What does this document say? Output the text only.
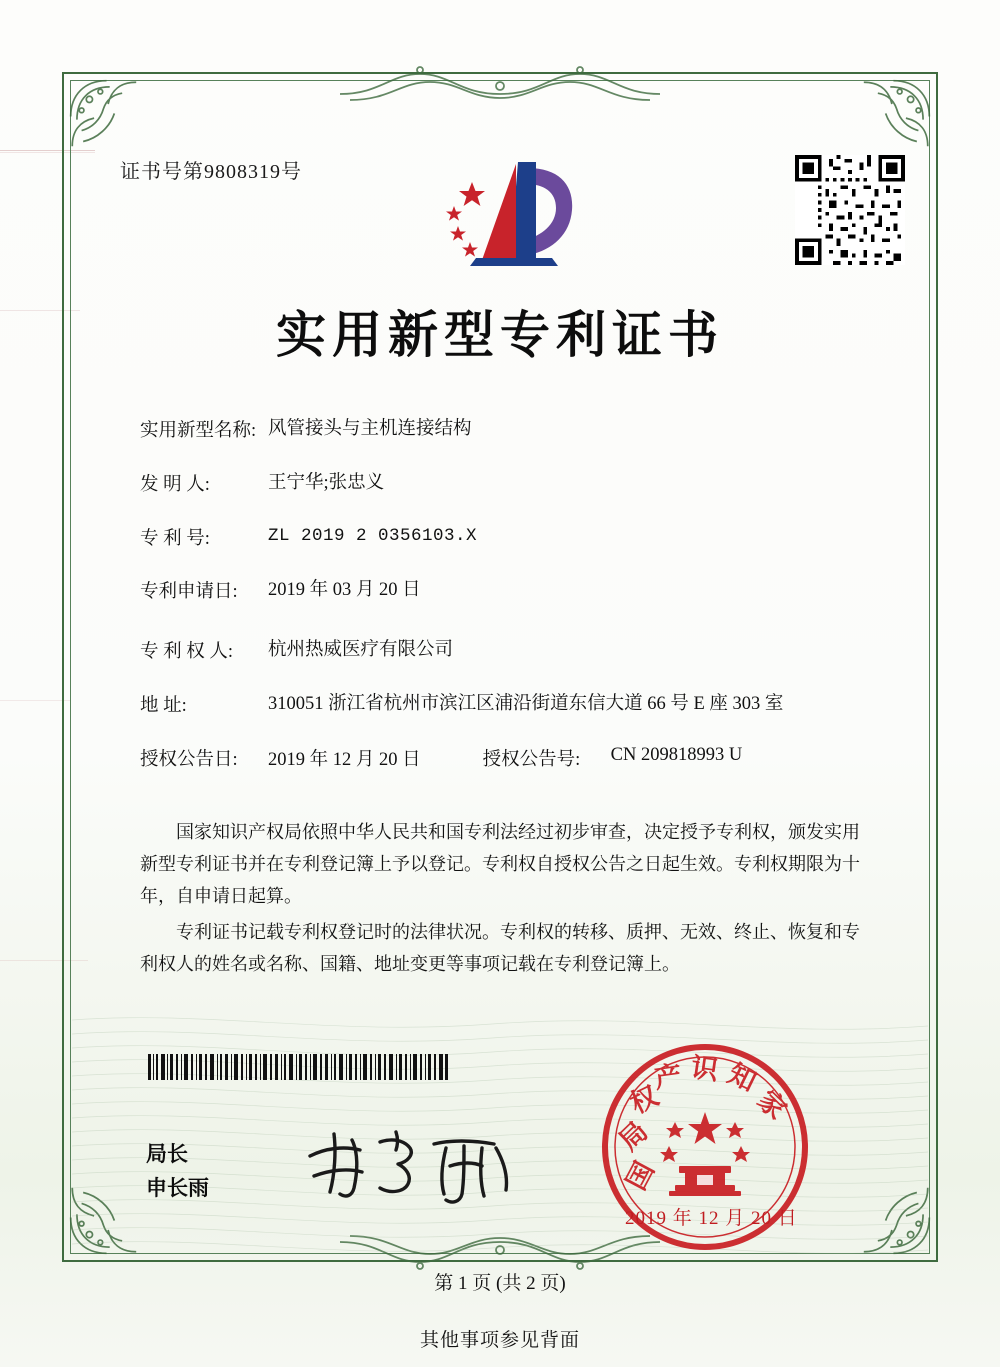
证书号第9808319号
实用新型专利证书
实用新型名称: 风管接头与主机连接结构
发 明 人:	王宁华;张忠义
专 利 号:	ZL 2019 2 0356103.X
专利申请日:	2019 年 03 月 20 日
专 利 权 人:	杭州热威医疗有限公司
地 址:	310051 浙江省杭州市滨江区浦沿街道东信大道 66 号 E 座 303 室
授权公告日:	2019 年 12 月 20 日	授权公告号:	CN 209818993 U

国家知识产权局依照中华人民共和国专利法经过初步审查，决定授予专利权，颁发实用新型专利证书并在专利登记簿上予以登记。专利权自授权公告之日起生效。专利权期限为十年，自申请日起算。

专利证书记载专利权登记时的法律状况。专利权的转移、质押、无效、终止、恢复和专利权人的姓名或名称、国籍、地址变更等事项记载在专利登记簿上。

局长
申长雨	国
局
权
产 识 知
家
2019 年 12 月 20 日
第 1 页 (共 2 页)
其他事项参见背面
